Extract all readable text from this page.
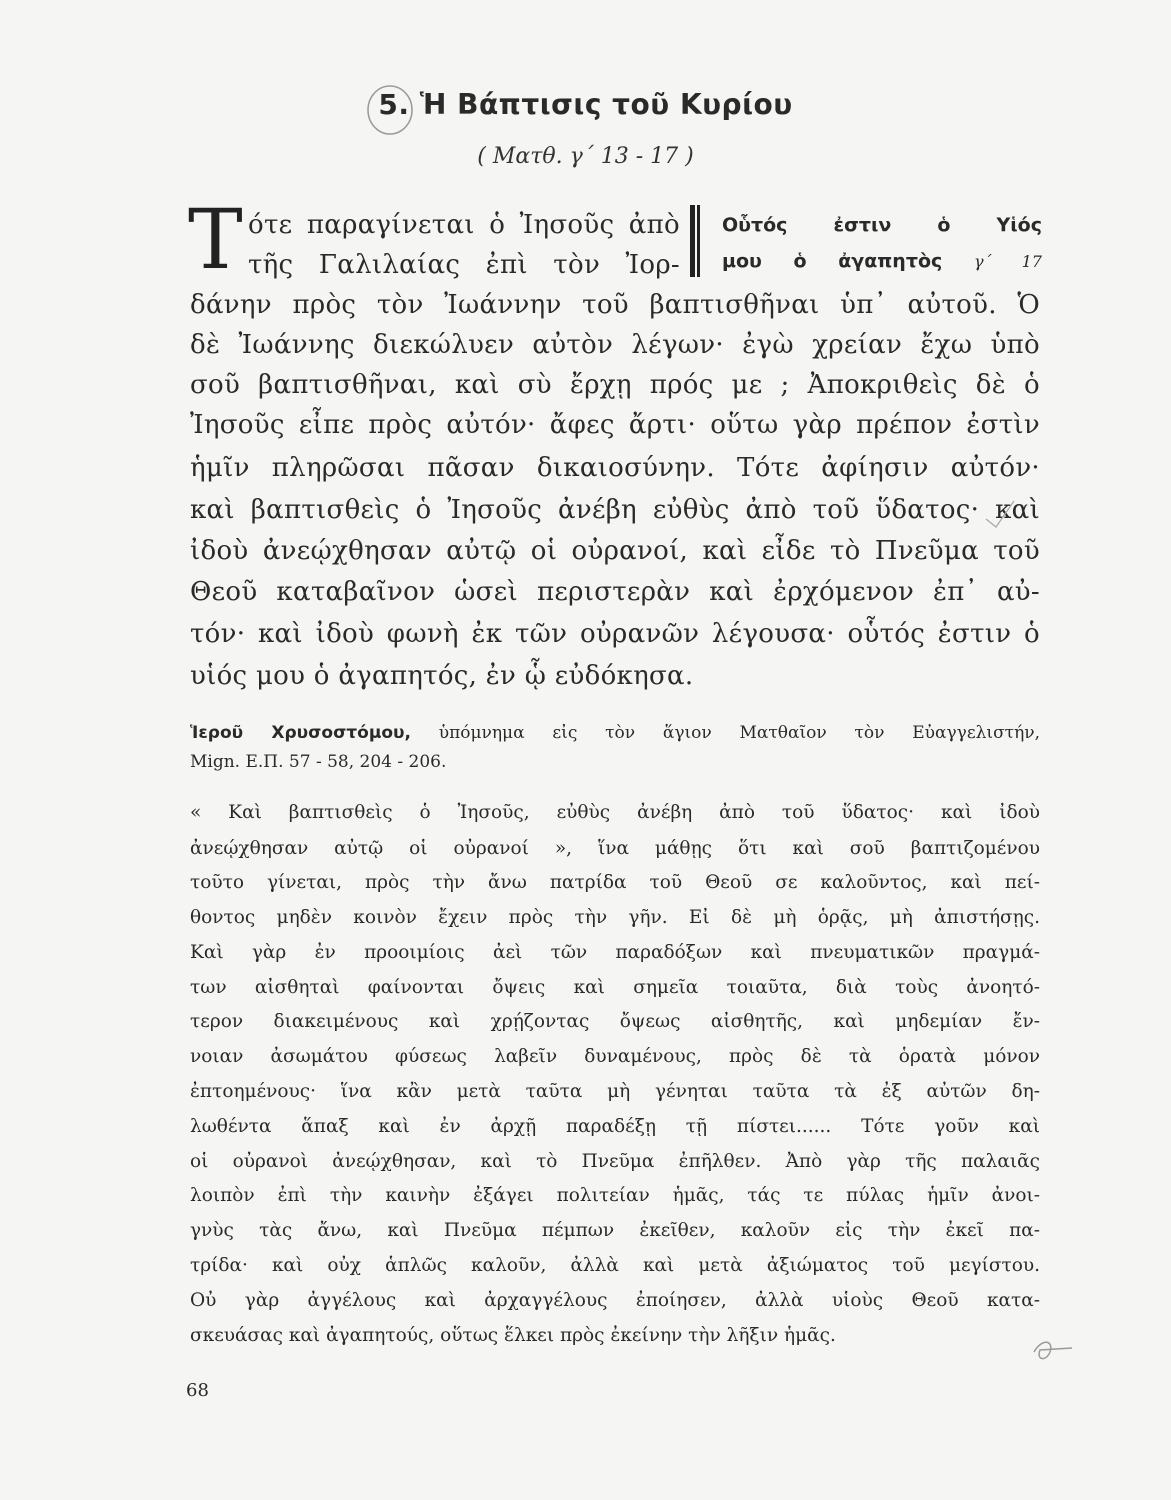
5. Ἡ Βάπτισις τοῦ Κυρίου
( Ματθ. γ΄ 13 - 17 )
Τ ότε παραγίνεται ὁ Ἰησοῦς ἀπὸ
τῆς Γαλιλαίας ἐπὶ τὸν Ἰορ-
Οὗτός ἐστιν ὁ Υἱός
μου ὁ ἀγαπητὸς γ΄ 17
δάνην πρὸς τὸν Ἰωάννην τοῦ βαπτισθῆναι ὑπ᾽ αὐτοῦ. Ὁ
δὲ Ἰωάννης διεκώλυεν αὐτὸν λέγων· ἐγὼ χρείαν ἔχω ὑπὸ
σοῦ βαπτισθῆναι, καὶ σὺ ἔρχῃ πρός με ; Ἀποκριθεὶς δὲ ὁ
Ἰησοῦς εἶπε πρὸς αὐτόν· ἄφες ἄρτι· οὕτω γὰρ πρέπον ἐστὶν
ἡμῖν πληρῶσαι πᾶσαν δικαιοσύνην. Τότε ἀφίησιν αὐτόν·
καὶ βαπτισθεὶς ὁ Ἰησοῦς ἀνέβη εὐθὺς ἀπὸ τοῦ ὕδατος· καὶ
ἰδοὺ ἀνεῴχθησαν αὐτῷ οἱ οὐρανοί, καὶ εἶδε τὸ Πνεῦμα τοῦ
Θεοῦ καταβαῖνον ὡσεὶ περιστερὰν καὶ ἐρχόμενον ἐπ᾽ αὐ-
τόν· καὶ ἰδοὺ φωνὴ ἐκ τῶν οὐρανῶν λέγουσα· οὗτός ἐστιν ὁ
υἱός μου ὁ ἀγαπητός, ἐν ᾧ εὐδόκησα.
Ἱεροῦ Χρυσοστόμου, ὑπόμνημα εἰς τὸν ἅγιον Ματθαῖον τὸν Εὐαγγελιστήν,
Mign. Ε.Π. 57 - 58, 204 - 206.
« Καὶ βαπτισθεὶς ὁ Ἰησοῦς, εὐθὺς ἀνέβη ἀπὸ τοῦ ὕδατος· καὶ ἰδοὺ
ἀνεῴχθησαν αὐτῷ οἱ οὐρανοί », ἵνα μάθῃς ὅτι καὶ σοῦ βαπτιζομένου
τοῦτο γίνεται, πρὸς τὴν ἄνω πατρίδα τοῦ Θεοῦ σε καλοῦντος, καὶ πεί-
θοντος μηδὲν κοινὸν ἔχειν πρὸς τὴν γῆν. Εἰ δὲ μὴ ὁρᾷς, μὴ ἀπιστήσῃς.
Καὶ γὰρ ἐν προοιμίοις ἀεὶ τῶν παραδόξων καὶ πνευματικῶν πραγμά-
των αἰσθηταὶ φαίνονται ὄψεις καὶ σημεῖα τοιαῦτα, διὰ τοὺς ἀνοητό-
τερον διακειμένους καὶ χρῄζοντας ὄψεως αἰσθητῆς, καὶ μηδεμίαν ἔν-
νοιαν ἀσωμάτου φύσεως λαβεῖν δυναμένους, πρὸς δὲ τὰ ὁρατὰ μόνον
ἐπτοημένους· ἵνα κἂν μετὰ ταῦτα μὴ γένηται ταῦτα τὰ ἐξ αὐτῶν δη-
λωθέντα ἅπαξ καὶ ἐν ἀρχῇ παραδέξῃ τῇ πίστει...... Τότε γοῦν καὶ
οἱ οὐρανοὶ ἀνεῴχθησαν, καὶ τὸ Πνεῦμα ἐπῆλθεν. Ἀπὸ γὰρ τῆς παλαιᾶς
λοιπὸν ἐπὶ τὴν καινὴν ἐξάγει πολιτείαν ἡμᾶς, τάς τε πύλας ἡμῖν ἀνοι-
γνὺς τὰς ἄνω, καὶ Πνεῦμα πέμπων ἐκεῖθεν, καλοῦν εἰς τὴν ἐκεῖ πα-
τρίδα· καὶ οὐχ ἁπλῶς καλοῦν, ἀλλὰ καὶ μετὰ ἀξιώματος τοῦ μεγίστου.
Οὐ γὰρ ἀγγέλους καὶ ἀρχαγγέλους ἐποίησεν, ἀλλὰ υἱοὺς Θεοῦ κατα-
σκευάσας καὶ ἀγαπητούς, οὕτως ἕλκει πρὸς ἐκείνην τὴν λῆξιν ἡμᾶς.
68
